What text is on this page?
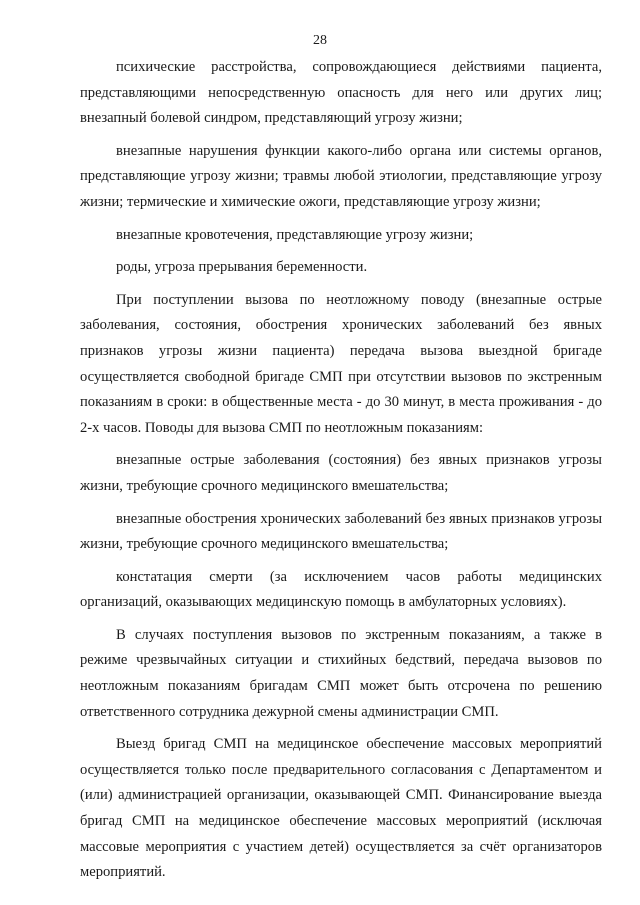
28

психические расстройства, сопровождающиеся действиями пациента, представляющими непосредственную опасность для него или других лиц; внезапный болевой синдром, представляющий угрозу жизни;

внезапные нарушения функции какого-либо органа или системы органов, представляющие угрозу жизни; травмы любой этиологии, представляющие угрозу жизни; термические и химические ожоги, представляющие угрозу жизни;

внезапные кровотечения, представляющие угрозу жизни;

роды, угроза прерывания беременности.

При поступлении вызова по неотложному поводу (внезапные острые заболевания, состояния, обострения хронических заболеваний без явных признаков угрозы жизни пациента) передача вызова выездной бригаде осуществляется свободной бригаде СМП при отсутствии вызовов по экстренным показаниям в сроки: в общественные места - до 30 минут, в места проживания - до 2-х часов. Поводы для вызова СМП по неотложным показаниям:

внезапные острые заболевания (состояния) без явных признаков угрозы жизни, требующие срочного медицинского вмешательства;

внезапные обострения хронических заболеваний без явных признаков угрозы жизни, требующие срочного медицинского вмешательства;

констатация смерти (за исключением часов работы медицинских организаций, оказывающих медицинскую помощь в амбулаторных условиях).

В случаях поступления вызовов по экстренным показаниям, а также в режиме чрезвычайных ситуации и стихийных бедствий, передача вызовов по неотложным показаниям бригадам СМП может быть отсрочена по решению ответственного сотрудника дежурной смены администрации СМП.

Выезд бригад СМП на медицинское обеспечение массовых мероприятий осуществляется только после предварительного согласования с Департаментом и (или) администрацией организации, оказывающей СМП. Финансирование выезда бригад СМП на медицинское обеспечение массовых мероприятий (исключая массовые мероприятия с участием детей) осуществляется за счёт организаторов мероприятий.
